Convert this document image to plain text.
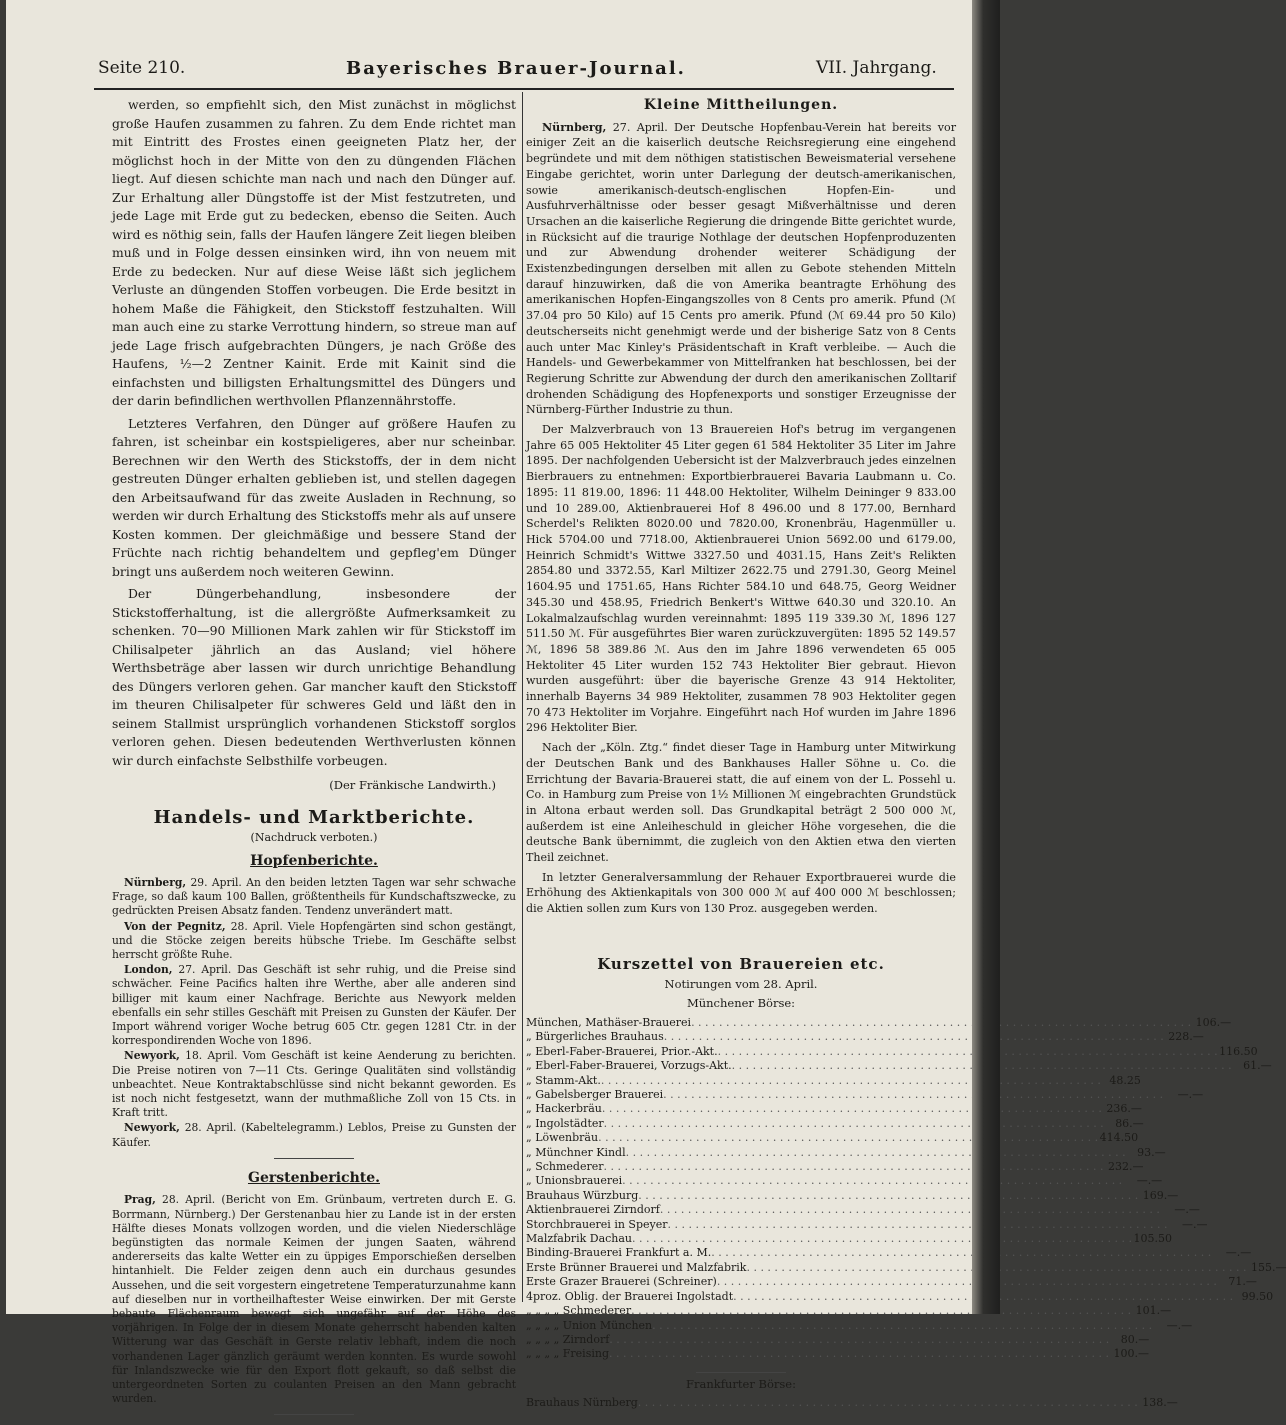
Seite 210.	Bayerisches Brauer-Journal.	VII. Jahrgang.

werden, so empfiehlt sich, den Mist zunächst in möglichst große Haufen zusammen zu fahren. Zu dem Ende richtet man mit Eintritt des Frostes einen geeigneten Platz her, der möglichst hoch in der Mitte von den zu düngenden Flächen liegt. Auf diesen schichte man nach und nach den Dünger auf. Zur Erhaltung aller Düngstoffe ist der Mist festzutreten, und jede Lage mit Erde gut zu bedecken, ebenso die Seiten. Auch wird es nöthig sein, falls der Haufen längere Zeit liegen bleiben muß und in Folge dessen einsinken wird, ihn von neuem mit Erde zu bedecken. Nur auf diese Weise läßt sich jeglichem Verluste an düngenden Stoffen vorbeugen. Die Erde besitzt in hohem Maße die Fähigkeit, den Stickstoff festzuhalten. Will man auch eine zu starke Verrottung hindern, so streue man auf jede Lage frisch aufgebrachten Düngers, je nach Größe des Haufens, ½—2 Zentner Kainit. Erde mit Kainit sind die einfachsten und billigsten Erhaltungsmittel des Düngers und der darin befindlichen werthvollen Pflanzennährstoffe.

Letzteres Verfahren, den Dünger auf größere Haufen zu fahren, ist scheinbar ein kostspieligeres, aber nur scheinbar. Berechnen wir den Werth des Stickstoffs, der in dem nicht gestreuten Dünger erhalten geblieben ist, und stellen dagegen den Arbeitsaufwand für das zweite Ausladen in Rechnung, so werden wir durch Erhaltung des Stickstoffs mehr als auf unsere Kosten kommen. Der gleichmäßige und bessere Stand der Früchte nach richtig behandeltem und gepfleg'em Dünger bringt uns außerdem noch weiteren Gewinn.

Der Düngerbehandlung, insbesondere der Stickstofferhaltung, ist die allergrößte Aufmerksamkeit zu schenken. 70—90 Millionen Mark zahlen wir für Stickstoff im Chilisalpeter jährlich an das Ausland; viel höhere Werthsbeträge aber lassen wir durch unrichtige Behandlung des Düngers verloren gehen. Gar mancher kauft den Stickstoff im theuren Chilisalpeter für schweres Geld und läßt den in seinem Stallmist ursprünglich vorhandenen Stickstoff sorglos verloren gehen. Diesen bedeutenden Werthverlusten können wir durch einfachste Selbsthilfe vorbeugen.

(Der Fränkische Landwirth.)
Handels- und Marktberichte.
(Nachdruck verboten.)
Hopfenberichte.

Nürnberg, 29. April. An den beiden letzten Tagen war sehr schwache Frage, so daß kaum 100 Ballen, größtentheils für Kundschaftszwecke, zu gedrückten Preisen Absatz fanden. Tendenz unverändert matt.

Von der Pegnitz, 28. April. Viele Hopfengärten sind schon gestängt, und die Stöcke zeigen bereits hübsche Triebe. Im Geschäfte selbst herrscht größte Ruhe.

London, 27. April. Das Geschäft ist sehr ruhig, und die Preise sind schwächer. Feine Pacifics halten ihre Werthe, aber alle anderen sind billiger mit kaum einer Nachfrage. Berichte aus Newyork melden ebenfalls ein sehr stilles Geschäft mit Preisen zu Gunsten der Käufer. Der Import während voriger Woche betrug 605 Ctr. gegen 1281 Ctr. in der korrespondirenden Woche von 1896.

Newyork, 18. April. Vom Geschäft ist keine Aenderung zu berichten. Die Preise notiren von 7—11 Cts. Geringe Qualitäten sind vollständig unbeachtet. Neue Kontraktabschlüsse sind nicht bekannt geworden. Es ist noch nicht festgesetzt, wann der muthmaßliche Zoll von 15 Cts. in Kraft tritt.

Newyork, 28. April. (Kabeltelegramm.) Leblos, Preise zu Gunsten der Käufer.

Gerstenberichte.

Prag, 28. April. (Bericht von Em. Grünbaum, vertreten durch E. G. Borrmann, Nürnberg.) Der Gerstenanbau hier zu Lande ist in der ersten Hälfte dieses Monats vollzogen worden, und die vielen Niederschläge begünstigten das normale Keimen der jungen Saaten, während andererseits das kalte Wetter ein zu üppiges Emporschießen derselben hintanhielt. Die Felder zeigen denn auch ein durchaus gesundes Aussehen, und die seit vorgestern eingetretene Temperaturzunahme kann auf dieselben nur in vortheilhaftester Weise einwirken. Der mit Gerste bebaute Flächenraum bewegt sich ungefähr auf der Höhe des vorjährigen. In Folge der in diesem Monate geherrscht habenden kalten Witterung war das Geschäft in Gerste relativ lebhaft, indem die noch vorhandenen Lager gänzlich geräumt werden konnten. Es wurde sowohl für Inlandszwecke wie für den Export flott gekauft, so daß selbst die untergeordneten Sorten zu coulanten Preisen an den Mann gebracht wurden.

Kleine Mittheilungen.

Nürnberg, 27. April. Der Deutsche Hopfenbau-Verein hat bereits vor einiger Zeit an die kaiserlich deutsche Reichsregierung eine eingehend begründete und mit dem nöthigen statistischen Beweismaterial versehene Eingabe gerichtet, worin unter Darlegung der deutsch-amerikanischen, sowie amerikanisch-deutsch-englischen Hopfen-Ein- und Ausfuhrverhältnisse oder besser gesagt Mißverhältnisse und deren Ursachen an die kaiserliche Regierung die dringende Bitte gerichtet wurde, in Rücksicht auf die traurige Nothlage der deutschen Hopfenproduzenten und zur Abwendung drohender weiterer Schädigung der Existenzbedingungen derselben mit allen zu Gebote stehenden Mitteln darauf hinzuwirken, daß die von Amerika beantragte Erhöhung des amerikanischen Hopfen-Eingangszolles von 8 Cents pro amerik. Pfund (ℳ 37.04 pro 50 Kilo) auf 15 Cents pro amerik. Pfund (ℳ 69.44 pro 50 Kilo) deutscherseits nicht genehmigt werde und der bisherige Satz von 8 Cents auch unter Mac Kinley's Präsidentschaft in Kraft verbleibe. — Auch die Handels- und Gewerbekammer von Mittelfranken hat beschlossen, bei der Regierung Schritte zur Abwendung der durch den amerikanischen Zolltarif drohenden Schädigung des Hopfenexports und sonstiger Erzeugnisse der Nürnberg-Fürther Industrie zu thun.

Der Malzverbrauch von 13 Brauereien Hof's betrug im vergangenen Jahre 65 005 Hektoliter 45 Liter gegen 61 584 Hektoliter 35 Liter im Jahre 1895. Der nachfolgenden Uebersicht ist der Malzverbrauch jedes einzelnen Bierbrauers zu entnehmen: Exportbierbrauerei Bavaria Laubmann u. Co. 1895: 11 819.00, 1896: 11 448.00 Hektoliter, Wilhelm Deininger 9 833.00 und 10 289.00, Aktienbrauerei Hof 8 496.00 und 8 177.00, Bernhard Scherdel's Relikten 8020.00 und 7820.00, Kronenbräu, Hagenmüller u. Hick 5704.00 und 7718.00, Aktienbrauerei Union 5692.00 und 6179.00, Heinrich Schmidt's Wittwe 3327.50 und 4031.15, Hans Zeit's Relikten 2854.80 und 3372.55, Karl Miltizer 2622.75 und 2791.30, Georg Meinel 1604.95 und 1751.65, Hans Richter 584.10 und 648.75, Georg Weidner 345.30 und 458.95, Friedrich Benkert's Wittwe 640.30 und 320.10. An Lokalmalzaufschlag wurden vereinnahmt: 1895 119 339.30 ℳ, 1896 127 511.50 ℳ. Für ausgeführtes Bier waren zurückzuvergüten: 1895 52 149.57 ℳ, 1896 58 389.86 ℳ. Aus den im Jahre 1896 verwendeten 65 005 Hektoliter 45 Liter wurden 152 743 Hektoliter Bier gebraut. Hievon wurden ausgeführt: über die bayerische Grenze 43 914 Hektoliter, innerhalb Bayerns 34 989 Hektoliter, zusammen 78 903 Hektoliter gegen 70 473 Hektoliter im Vorjahre. Eingeführt nach Hof wurden im Jahre 1896 296 Hektoliter Bier.

Nach der „Köln. Ztg.“ findet dieser Tage in Hamburg unter Mitwirkung der Deutschen Bank und des Bankhauses Haller Söhne u. Co. die Errichtung der Bavaria-Brauerei statt, die auf einem von der L. Possehl u. Co. in Hamburg zum Preise von 1½ Millionen ℳ eingebrachten Grundstück in Altona erbaut werden soll. Das Grundkapital beträgt 2 500 000 ℳ, außerdem ist eine Anleiheschuld in gleicher Höhe vorgesehen, die die deutsche Bank übernimmt, die zugleich von den Aktien etwa den vierten Theil zeichnet.

In letzter Generalversammlung der Rehauer Exportbrauerei wurde die Erhöhung des Aktienkapitals von 300 000 ℳ auf 400 000 ℳ beschlossen; die Aktien sollen zum Kurs von 130 Proz. ausgegeben werden.

Kurszettel von Brauereien etc.
Notirungen vom 28. April.
Münchener Börse:
München, Mathäser-Brauerei . . .	106.—
„ Bürgerliches Brauhaus . . .	228.—
„ Eberl-Faber-Brauerei, Prior.-Akt. . . .	116.50
„ Eberl-Faber-Brauerei, Vorzugs-Akt. . . .	61.—
„ Stamm-Akt. . . .	48.25
„ Gabelsberger Brauerei . . .	—.—
„ Hackerbräu . . .	236.—
„ Ingolstädter . . .	86.—
„ Löwenbräu . . .	414.50
„ Münchner Kindl . . .	93.—
„ Schmederer . . .	232.—
„ Unionsbrauerei . . .	—.—
Brauhaus Würzburg . . .	169.—
Aktienbrauerei Zirndorf . . .	—.—
Storchbrauerei in Speyer . . .	—.—
Malzfabrik Dachau . . .	105.50
Binding-Brauerei Frankfurt a. M. . . .	—.—
Erste Brünner Brauerei und Malzfabrik . . .	155.—
Erste Grazer Brauerei (Schreiner) . . .	71.—
4proz. Oblig. der Brauerei Ingolstadt . . .	99.50
„ „ „ „ Schmederer . . .	101.—
„ „ „ „ Union München . . .	—.—
„ „ „ „ Zirndorf . . .	80.—
„ „ „ „ Freising . . .	100.—
Frankfurter Börse:
Brauhaus Nürnberg . . .	138.—
